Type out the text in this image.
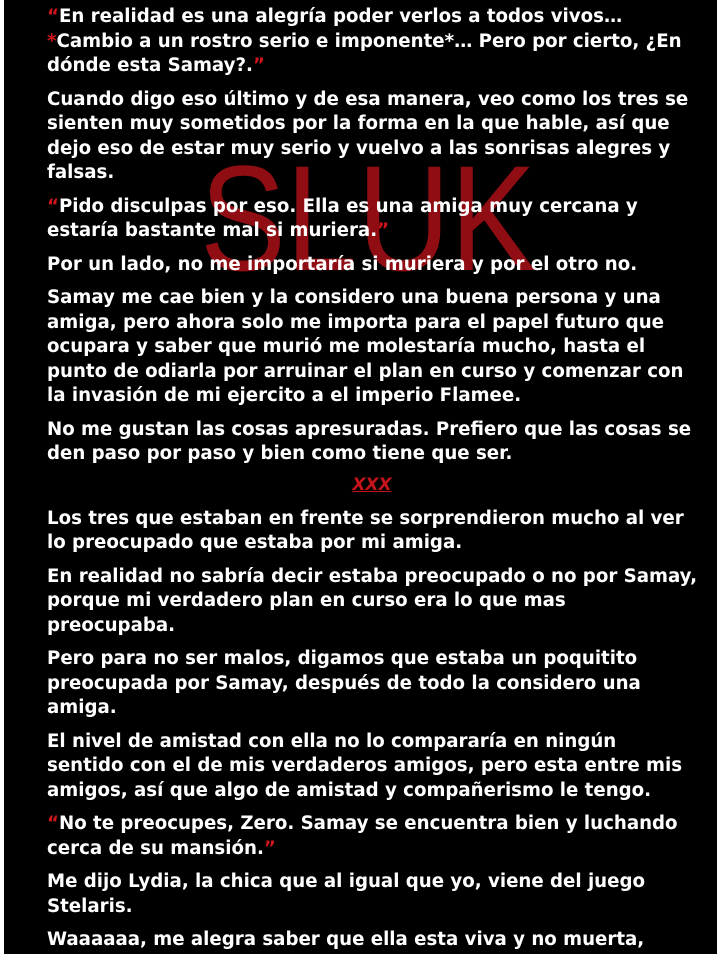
SLUK

“En realidad es una alegría poder verlos a todos vivos…*Cambio a un rostro serio e imponente*… Pero por cierto, ¿En dónde esta Samay?.”

Cuando digo eso último y de esa manera, veo como los tres se sienten muy sometidos por la forma en la que hable, así que dejo eso de estar muy serio y vuelvo a las sonrisas alegres y falsas.

“Pido disculpas por eso. Ella es una amiga muy cercana y estaría bastante mal si muriera.”

Por un lado, no me importaría si muriera y por el otro no.

Samay me cae bien y la considero una buena persona y una amiga, pero ahora solo me importa para el papel futuro que ocupara y saber que murió me molestaría mucho, hasta el punto de odiarla por arruinar el plan en curso y comenzar con la invasión de mi ejercito a el imperio Flamee.

No me gustan las cosas apresuradas. Prefiero que las cosas se den paso por paso y bien como tiene que ser.

XXX

Los tres que estaban en frente se sorprendieron mucho al ver lo preocupado que estaba por mi amiga.

En realidad no sabría decir estaba preocupado o no por Samay, porque mi verdadero plan en curso era lo que mas preocupaba.

Pero para no ser malos, digamos que estaba un poquitito preocupada por Samay, después de todo la considero una amiga.

El nivel de amistad con ella no lo compararía en ningún sentido con el de mis verdaderos amigos, pero esta entre mis amigos, así que algo de amistad y compañerismo le tengo.

“No te preocupes, Zero. Samay se encuentra bien y luchando cerca de su mansión.”

Me dijo Lydia, la chica que al igual que yo, viene del juego Stelaris.

Waaaaaa, me alegra saber que ella esta viva y no muerta,
